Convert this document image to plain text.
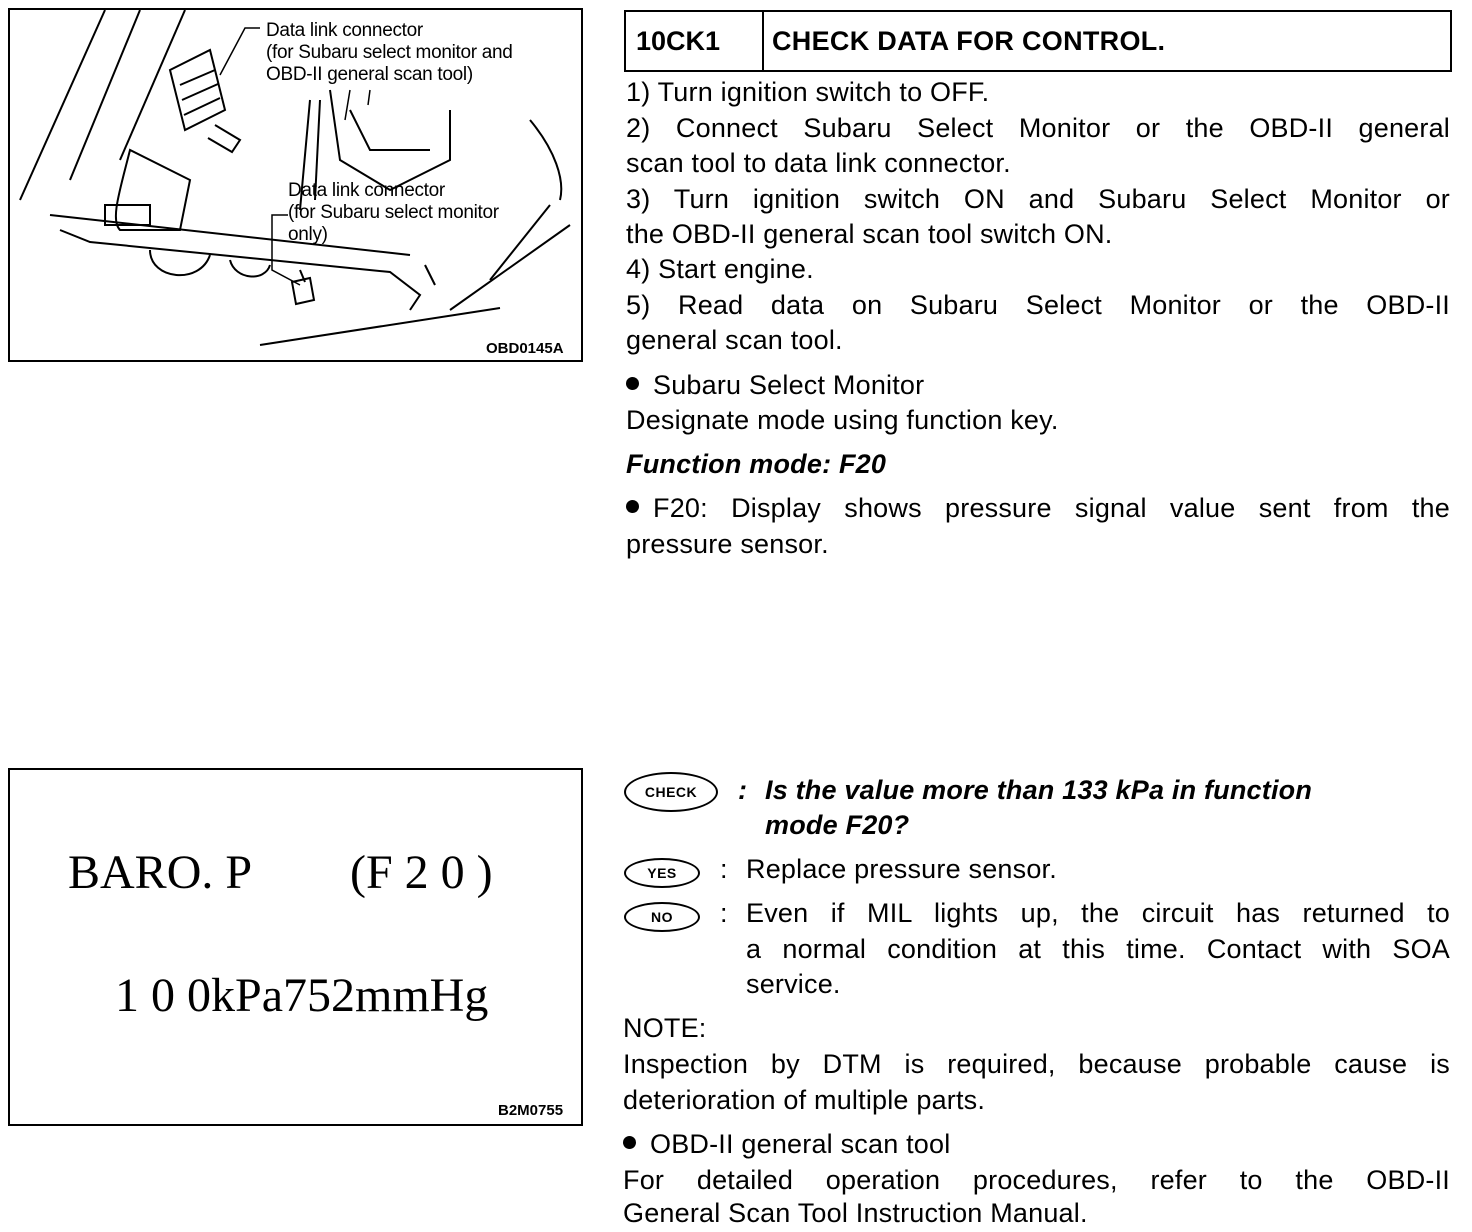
Data link connector
(for Subaru select monitor and
OBD-II general scan tool)
Data link connector
(for Subaru select monitor
only)
OBD0145A
BARO. P (F 2 0 )
1 0 0kPa752mmHg
B2M0755
10CK1	CHECK DATA FOR CONTROL.
1) Turn ignition switch to OFF.
2) Connect Subaru Select Monitor or the OBD-II general
scan tool to data link connector.
3) Turn ignition switch ON and Subaru Select Monitor or
the OBD-II general scan tool switch ON.
4) Start engine.
5) Read data on Subaru Select Monitor or the OBD-II
general scan tool.
Subaru Select Monitor
Designate mode using function key.
Function mode: F20
F20: Display shows pressure signal value sent from the
pressure sensor.
CHECK	: Is the value more than 133 kPa in function
mode F20?
YES	: Replace pressure sensor.
NO	: Even if MIL lights up, the circuit has returned to
a normal condition at this time. Contact with SOA
service.
NOTE:
Inspection by DTM is required, because probable cause is
deterioration of multiple parts.
OBD-II general scan tool
For detailed operation procedures, refer to the OBD-II
General Scan Tool Instruction Manual.
